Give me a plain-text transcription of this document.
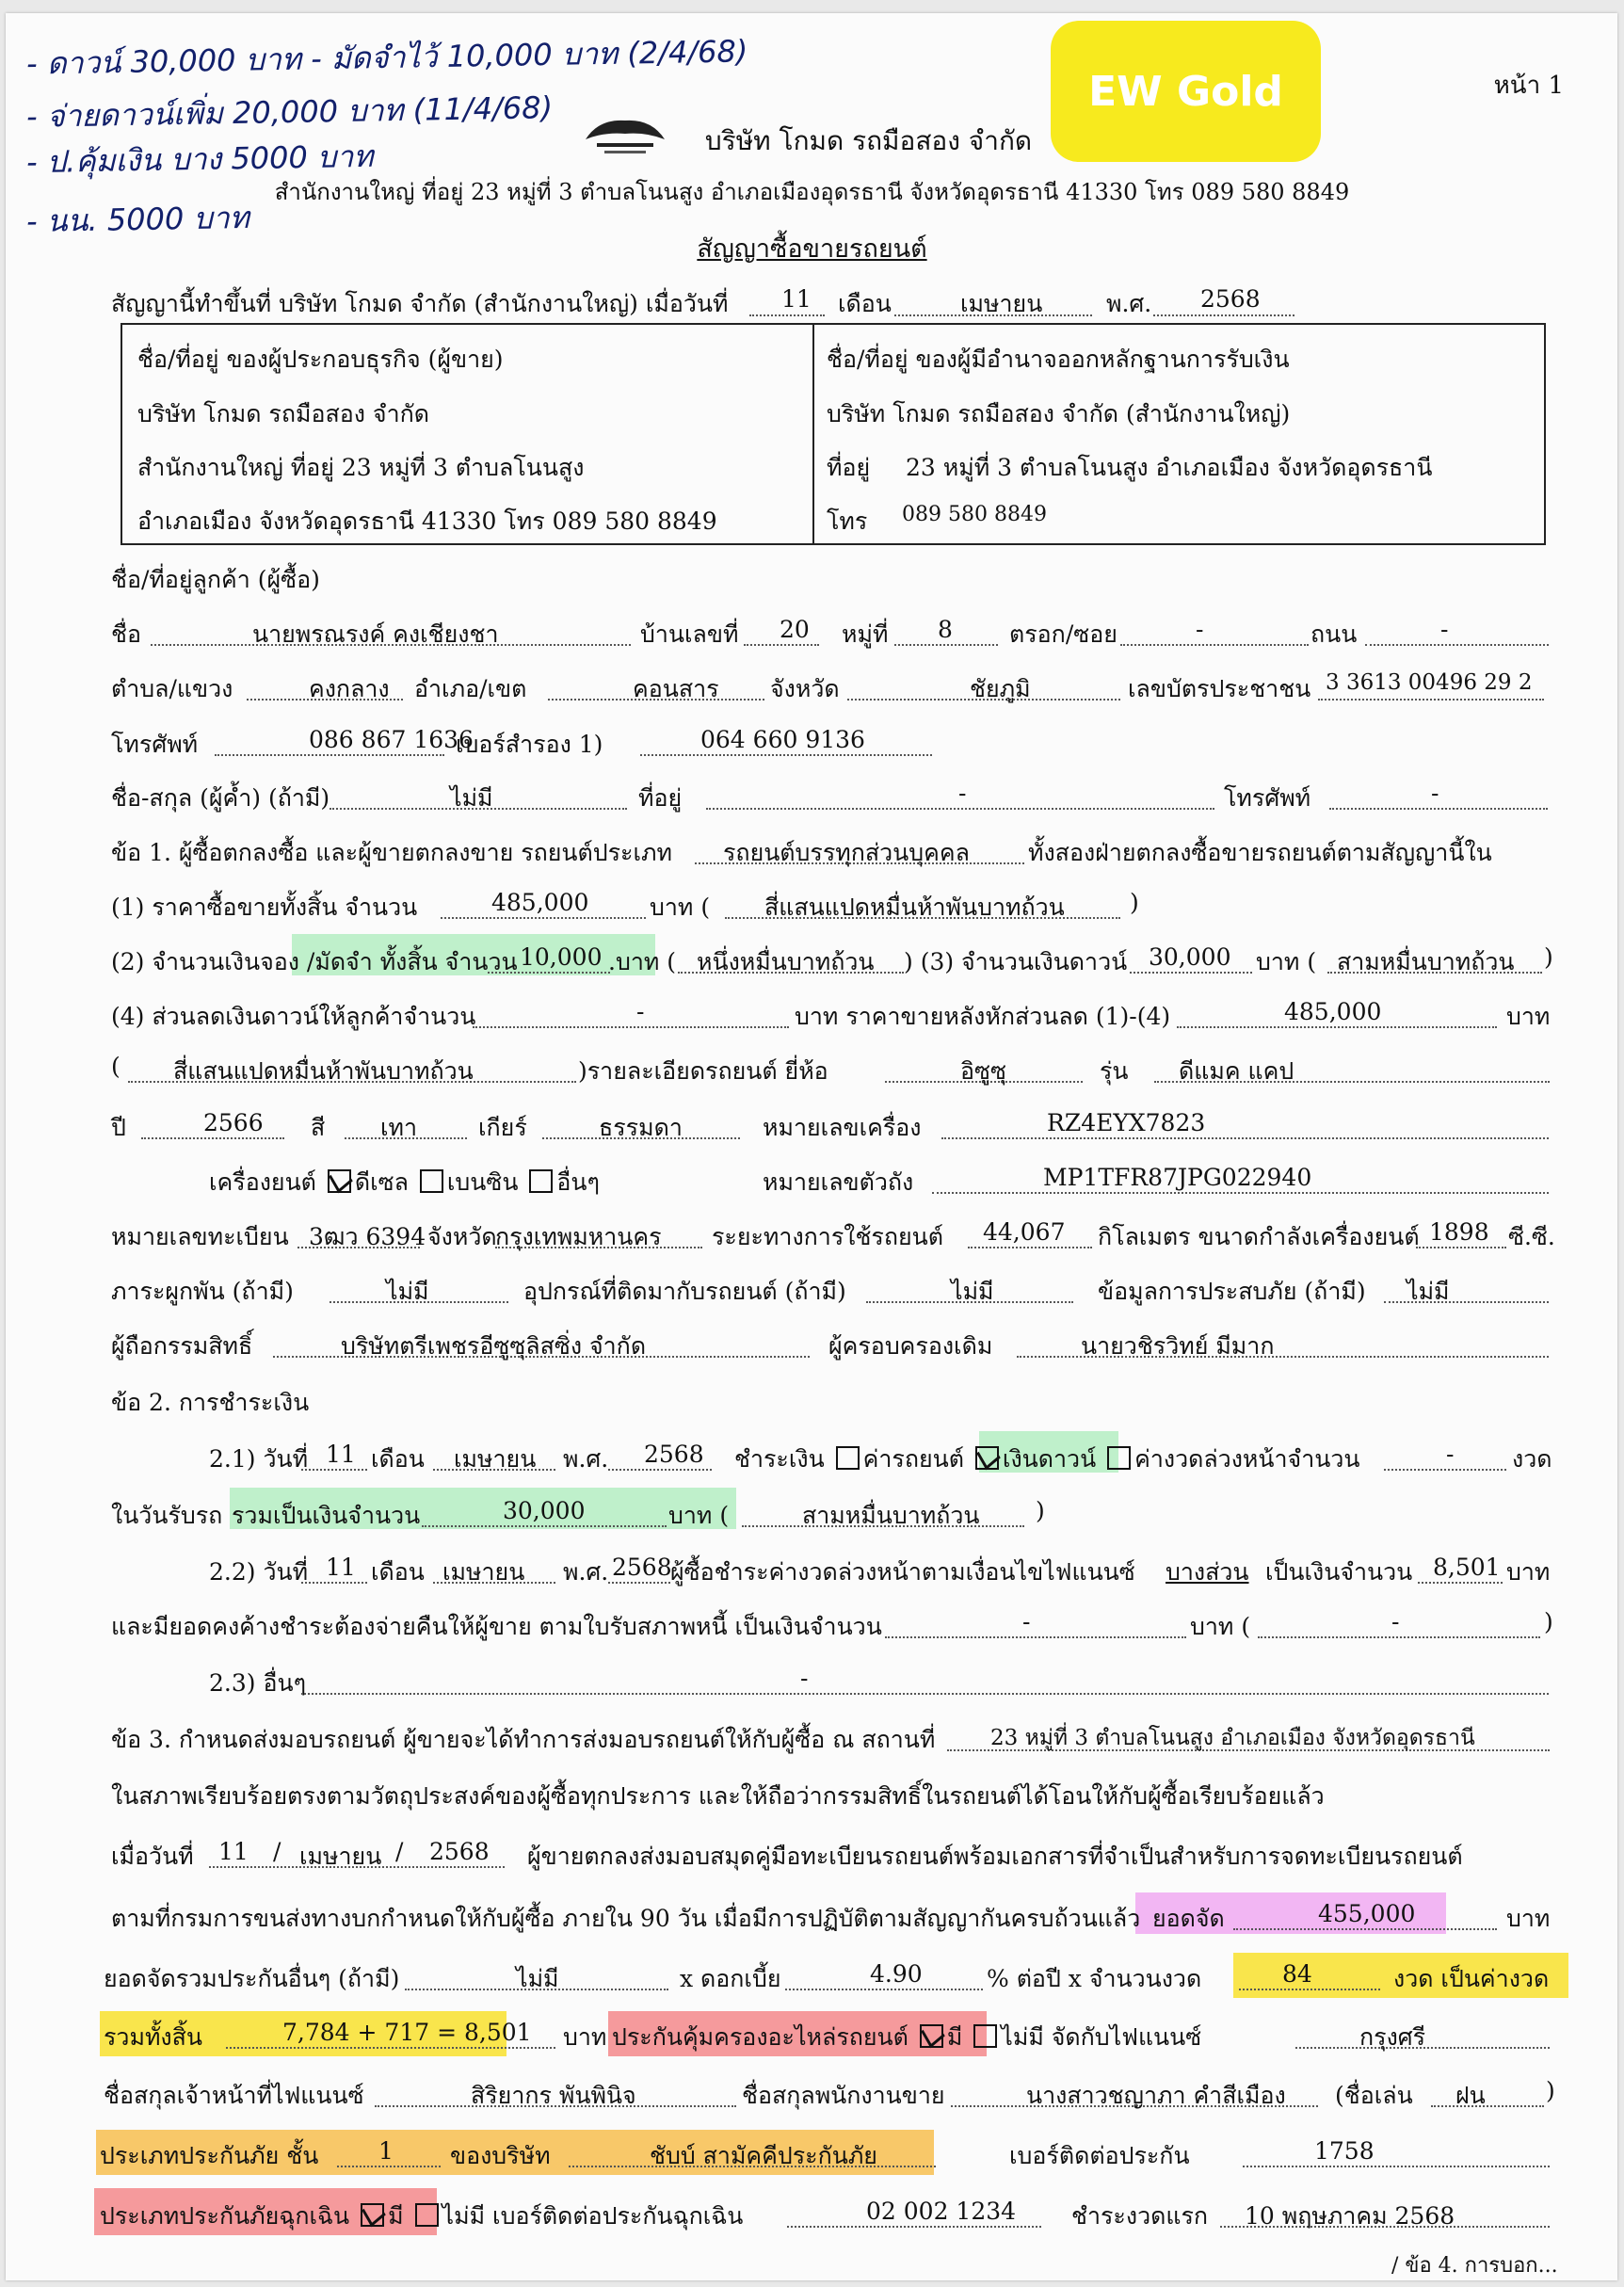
- ดาวน์ 30,000 บาท - มัดจำไว้ 10,000 บาท (2/4/68)
- จ่ายดาวน์เพิ่ม 20,000 บาท (11/4/68)
- ป.คุ้มเงิน บาง 5000 บาท
- นน. 5000 บาท
EW Gold	หน้า 1
บริษัท โกมด รถมือสอง จำกัด
สำนักงานใหญ่ ที่อยู่ 23 หมู่ที่ 3 ตำบลโนนสูง อำเภอเมืองอุดรธานี จังหวัดอุดรธานี 41330 โทร 089 580 8849
สัญญาซื้อขายรถยนต์
สัญญานี้ทำขึ้นที่ บริษัท โกมด จำกัด (สำนักงานใหญ่) เมื่อวันที่ 11 เดือน	เมษายน	พ.ศ. 2568
ชื่อ/ที่อยู่ ของผู้ประกอบธุรกิจ (ผู้ขาย)
บริษัท โกมด รถมือสอง จำกัด
สำนักงานใหญ่ ที่อยู่ 23 หมู่ที่ 3 ตำบลโนนสูง
อำเภอเมือง จังหวัดอุดรธานี 41330 โทร 089 580 8849
ชื่อ/ที่อยู่ ของผู้มีอำนาจออกหลักฐานการรับเงิน
บริษัท โกมด รถมือสอง จำกัด (สำนักงานใหญ่)
ที่อยู่ 23 หมู่ที่ 3 ตำบลโนนสูง อำเภอเมือง จังหวัดอุดรธานี
โทร 089 580 8849
ชื่อ/ที่อยู่ลูกค้า (ผู้ซื้อ)
ชื่อ	นายพรณรงค์ คงเชียงชา	บ้านเลขที่ 20 หมู่ที่ 8 ตรอก/ซอย	-	ถนน	-
ตำบล/แขวง	คงกลาง อำเภอ/เขต	คอนสาร จังหวัด	ชัยภูมิ	เลขบัตรประชาชน 3 3613 00496 29 2
โทรศัพท์	086 867 1636
เบอร์สำรอง 1)	064 660 9136
ชื่อ-สกุล (ผู้ค้ำ) (ถ้ามี)	ไม่มี	ที่อยู่	-	โทรศัพท์	-
ข้อ 1. ผู้ซื้อตกลงซื้อ และผู้ขายตกลงขาย รถยนต์ประเภท รถยนต์บรรทุกส่วนบุคคล ทั้งสองฝ่ายตกลงซื้อขายรถยนต์ตามสัญญานี้ใน
(1) ราคาซื้อขายทั้งสิ้น จำนวน	485,000	บาท ( สี่แสนแปดหมื่นห้าพันบาทถ้วน	)
(2) จำนวนเงินจอง /มัดจำ ทั้งสิ้น จำนวน 10,000 .บาท ( หนึ่งหมื่นบาทถ้วน ) (3) จำนวนเงินดาวน์ 30,000 บาท ( สามหมื่นบาทถ้วน )
(4) ส่วนลดเงินดาวน์ให้ลูกค้าจำนวน	-	บาท ราคาขายหลังหักส่วนลด (1)-(4)	485,000	บาท
( สี่แสนแปดหมื่นห้าพันบาทถ้วน	)รายละเอียดรถยนต์ ยี่ห้อ	อิซูซุ	รุ่น ดีแมค แคป
ปี	2566 สี เทา	เกียร์	ธรรมดา	หมายเลขเครื่อง	RZ4EYX7823
เครื่องยนต์ ดีเซล เบนซิน อื่นๆ	หมายเลขตัวถัง	MP1TFR87JPG022940
หมายเลขทะเบียน 3ฒว 6394 จังหวัด
กรุงเทพมหานคร ระยะทางการใช้รถยนต์ 44,067 กิโลเมตร ขนาดกำลังเครื่องยนต์ 1898 ซี.ซี.
ภาระผูกพัน (ถ้ามี)	ไม่มี	อุปกรณ์ที่ติดมากับรถยนต์ (ถ้ามี)	ไม่มี	ข้อมูลการประสบภัย (ถ้ามี) ไม่มี
ผู้ถือกรรมสิทธิ์	บริษัทตรีเพชรอีซูซุลิสซิ่ง จำกัด	ผู้ครอบครองเดิม	นายวชิรวิทย์ มีมาก
ข้อ 2. การชำระเงิน
2.1) วันที่ 11 เดือน เมษายน พ.ศ. 2568 ชำระเงิน ค่ารถยนต์ เงินดาวน์ ค่างวดล่วงหน้าจำนวน	- งวด
ในวันรับรถ รวมเป็นเงินจำนวน	30,000	บาท (	สามหมื่นบาทถ้วน )
2.2) วันที่ 11 เดือน เมษายน พ.ศ. 2568
ผู้ซื้อชำระค่างวดล่วงหน้าตามเงื่อนไขไฟแนนซ์ บางส่วน เป็นเงินจำนวน 8,501 บาท
และมียอดคงค้างชำระต้องจ่ายคืนให้ผู้ขาย ตามใบรับสภาพหนี้ เป็นเงินจำนวน	-	บาท (	-	)
2.3) อื่นๆ	-
ข้อ 3. กำหนดส่งมอบรถยนต์ ผู้ขายจะได้ทำการส่งมอบรถยนต์ให้กับผู้ซื้อ ณ สถานที่	23 หมู่ที่ 3 ตำบลโนนสูง อำเภอเมือง จังหวัดอุดรธานี
ในสภาพเรียบร้อยตรงตามวัตถุประสงค์ของผู้ซื้อทุกประการ และให้ถือว่ากรรมสิทธิ์ในรถยนต์ได้โอนให้กับผู้ซื้อเรียบร้อยแล้ว
เมื่อวันที่ 11 / เมษายน / 2568 ผู้ขายตกลงส่งมอบสมุดคู่มือทะเบียนรถยนต์พร้อมเอกสารที่จำเป็นสำหรับการจดทะเบียนรถยนต์
ตามที่กรมการขนส่งทางบกกำหนดให้กับผู้ซื้อ ภายใน 90 วัน เมื่อมีการปฏิบัติตามสัญญากันครบถ้วนแล้ว ยอดจัด	455,000	บาท
ยอดจัดรวมประกันอื่นๆ (ถ้ามี)	ไม่มี	x ดอกเบี้ย	4.90	% ต่อปี x จำนวนงวด	84	งวด เป็นค่างวด
รวมทั้งสิ้น	7,784 + 717 = 8,501 บาท ประกันคุ้มครองอะไหล่รถยนต์ มี ไม่มี จัดกับไฟแนนซ์	กรุงศรี
ชื่อสกุลเจ้าหน้าที่ไฟแนนซ์	สิริยากร พันพินิจ	ชื่อสกุลพนักงานขาย	นางสาวชญาภา คำสีเมือง (ชื่อเล่น ฝน	)
ประเภทประกันภัย ชั้น	1 ของบริษัท	ชับบ์ สามัคคีประกันภัย	เบอร์ติดต่อประกัน	1758
ประเภทประกันภัยฉุกเฉิน มี ไม่มี เบอร์ติดต่อประกันฉุกเฉิน	02 002 1234 ชำระงวดแรก 10 พฤษภาคม 2568
/ ข้อ 4. การบอก...
